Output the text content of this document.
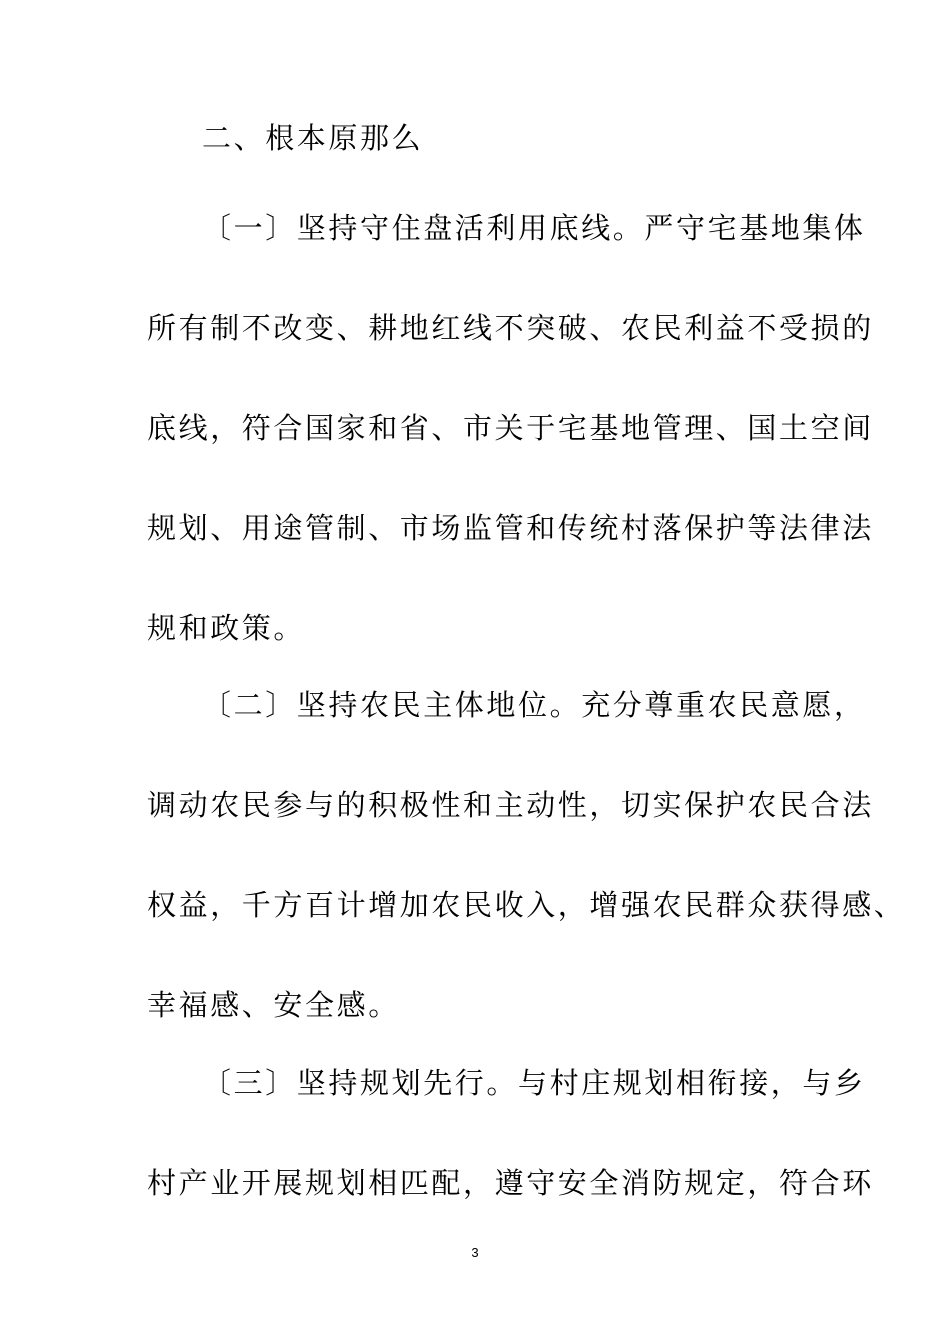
二、根本原那么
〔一〕坚持守住盘活利用底线。严守宅基地集体
所有制不改变、耕地红线不突破、农民利益不受损的
底线，符合国家和省、市关于宅基地管理、国土空间
规划、用途管制、市场监管和传统村落保护等法律法
规和政策。
〔二〕坚持农民主体地位。充分尊重农民意愿，
调动农民参与的积极性和主动性，切实保护农民合法
权益，千方百计增加农民收入，增强农民群众获得感、
幸福感、安全感。
〔三〕坚持规划先行。与村庄规划相衔接，与乡
村产业开展规划相匹配，遵守安全消防规定，符合环
3
